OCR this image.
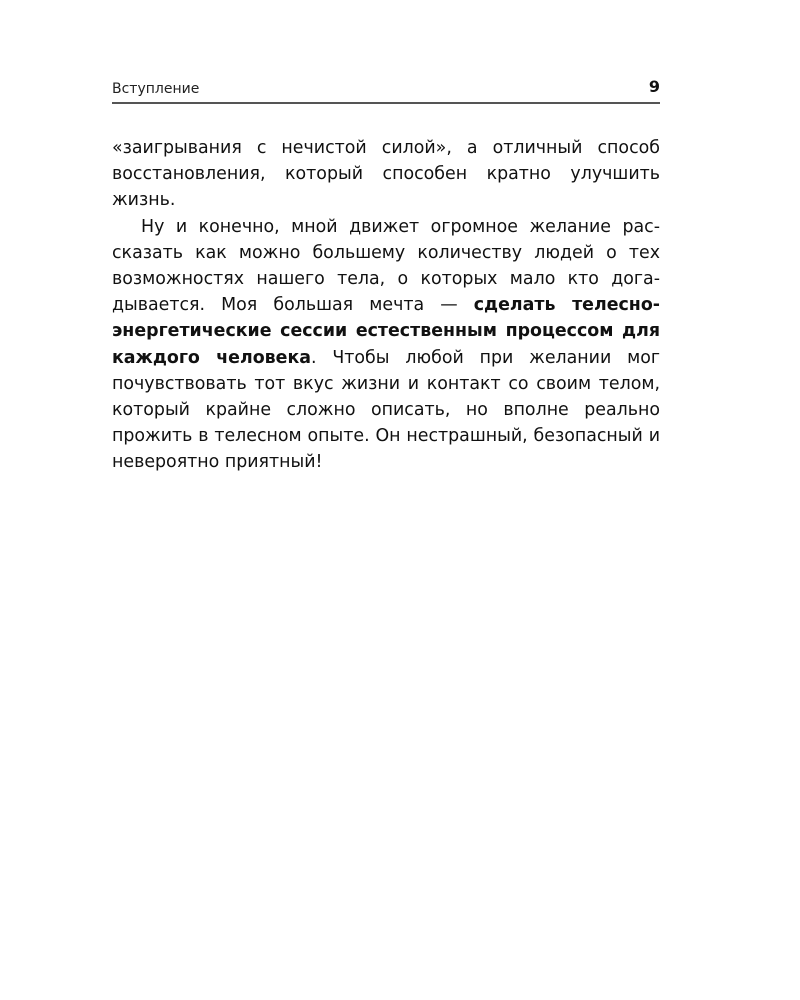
Вступление	9

«заигрывания с нечистой силой», а отличный способ восстановления, который способен кратно улучшить жизнь.

Ну и конечно, мной движет огромное желание рассказать как можно большему количеству людей о тех возможностях нашего тела, о которых мало кто догадывается. Моя большая мечта — сделать телесно-энергетические сессии естественным процессом для каждого человека. Чтобы любой при желании мог почувствовать тот вкус жизни и контакт со своим телом, который крайне сложно описать, но вполне реально прожить в телесном опыте. Он нестрашный, безопасный и невероятно приятный!
